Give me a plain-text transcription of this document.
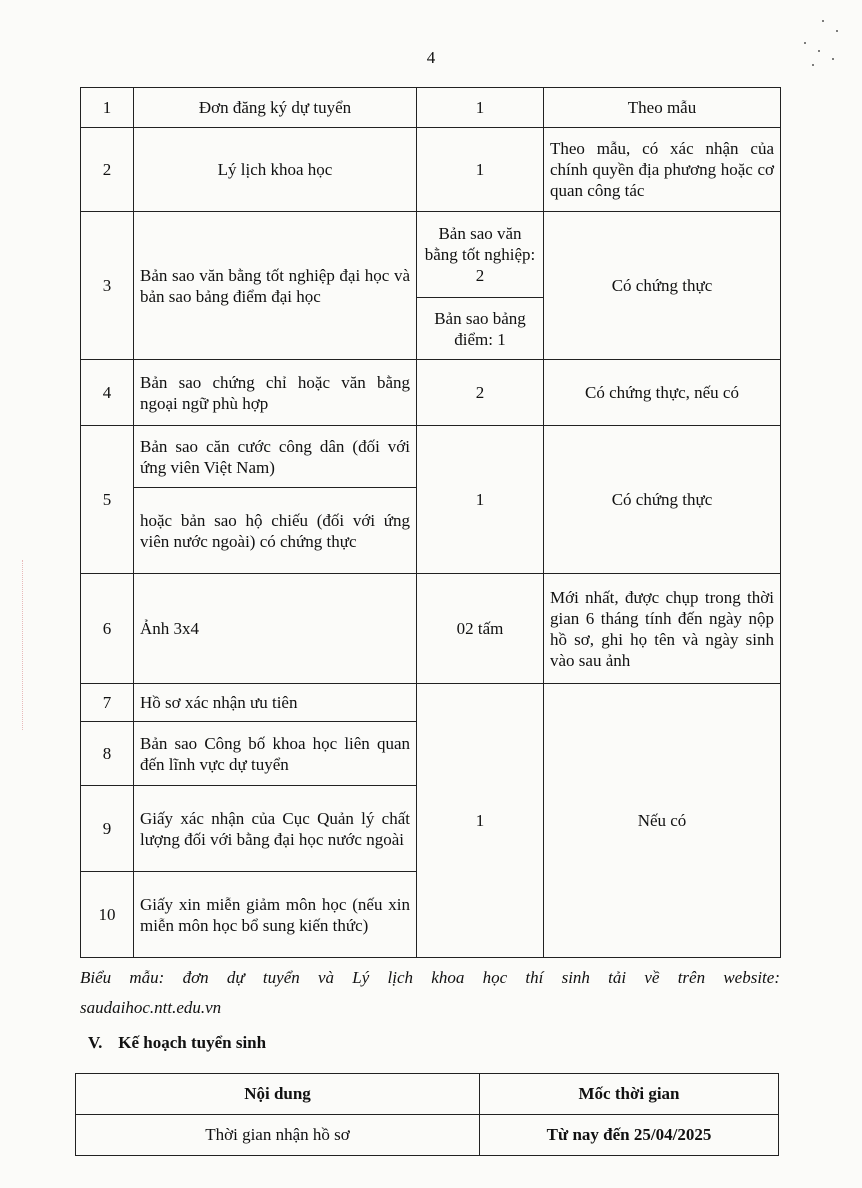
4
1	Đơn đăng ký dự tuyển	1	Theo mẫu
2	Lý lịch khoa học	1	Theo mẫu, có xác nhận của chính quyền địa phương hoặc cơ quan công tác
3	Bản sao văn bằng tốt nghiệp đại học và bản sao bảng điểm đại học	Bản sao văn bằng tốt nghiệp: 2	Có chứng thực
		Bản sao bảng điểm: 1	
4	Bản sao chứng chỉ hoặc văn bằng ngoại ngữ phù hợp	2	Có chứng thực, nếu có
5	Bản sao căn cước công dân (đối với ứng viên Việt Nam)	1	Có chứng thực
	hoặc bản sao hộ chiếu (đối với ứng viên nước ngoài) có chứng thực		
6	Ảnh 3x4	02 tấm	Mới nhất, được chụp trong thời gian 6 tháng tính đến ngày nộp hồ sơ, ghi họ tên và ngày sinh vào sau ảnh
7	Hồ sơ xác nhận ưu tiên	1	Nếu có
8	Bản sao Công bố khoa học liên quan đến lĩnh vực dự tuyển		
9	Giấy xác nhận của Cục Quản lý chất lượng đối với bằng đại học nước ngoài		
10	Giấy xin miễn giảm môn học (nếu xin miễn môn học bổ sung kiến thức)		
Biểu mẫu: đơn dự tuyển và Lý lịch khoa học thí sinh tải về trên website:
saudaihoc.ntt.edu.vn
V. Kế hoạch tuyển sinh
Nội dung	Mốc thời gian
Thời gian nhận hồ sơ	Từ nay đến 25/04/2025
